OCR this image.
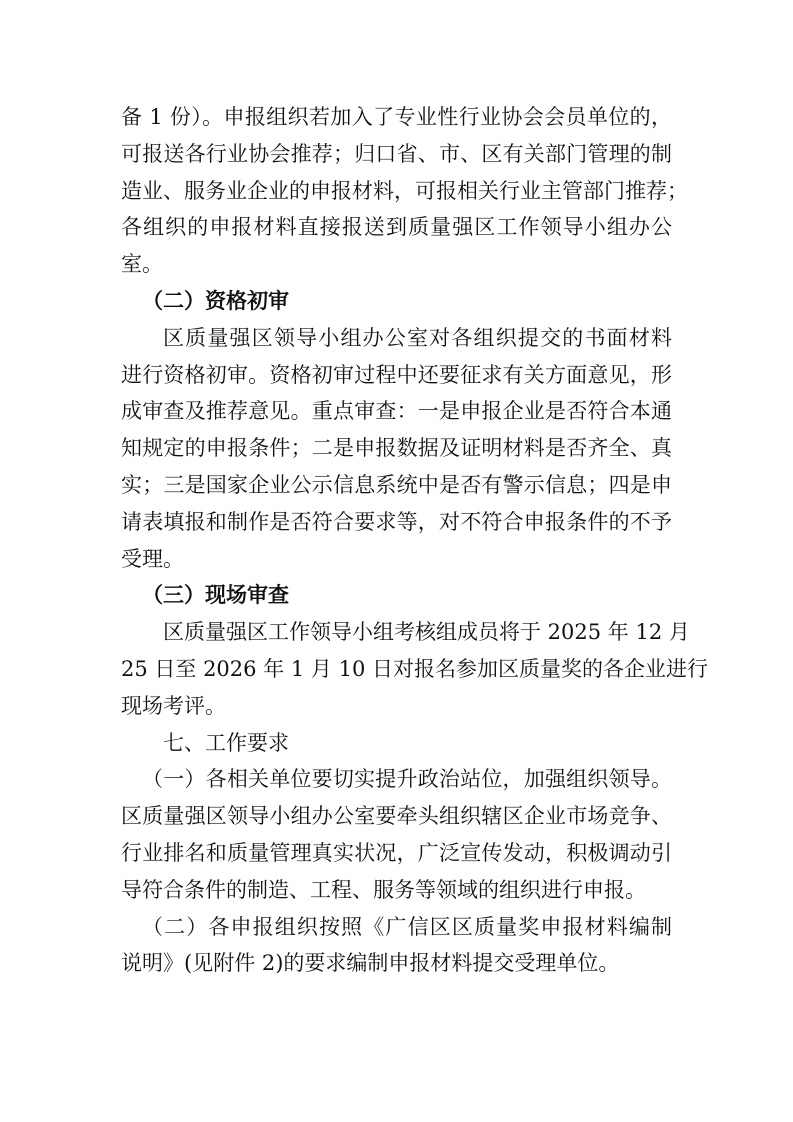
备 1 份）。申报组织若加入了专业性行业协会会员单位的，
可报送各行业协会推荐；归口省、市、区有关部门管理的制
造业、服务业企业的申报材料，可报相关行业主管部门推荐；
各组织的申报材料直接报送到质量强区工作领导小组办公
室。
（二）资格初审
区质量强区领导小组办公室对各组织提交的书面材料
进行资格初审。资格初审过程中还要征求有关方面意见，形
成审查及推荐意见。重点审查：一是申报企业是否符合本通
知规定的申报条件；二是申报数据及证明材料是否齐全、真
实；三是国家企业公示信息系统中是否有警示信息；四是申
请表填报和制作是否符合要求等，对不符合申报条件的不予
受理。
（三）现场审查
区质量强区工作领导小组考核组成员将于 2025 年 12 月
25 日至 2026 年 1 月 10 日对报名参加区质量奖的各企业进行
现场考评。
七、工作要求
（一）各相关单位要切实提升政治站位，加强组织领导。
区质量强区领导小组办公室要牵头组织辖区企业市场竞争、
行业排名和质量管理真实状况，广泛宣传发动，积极调动引
导符合条件的制造、工程、服务等领域的组织进行申报。
（二）各申报组织按照《广信区区质量奖申报材料编制
说明》(见附件 2)的要求编制申报材料提交受理单位。
